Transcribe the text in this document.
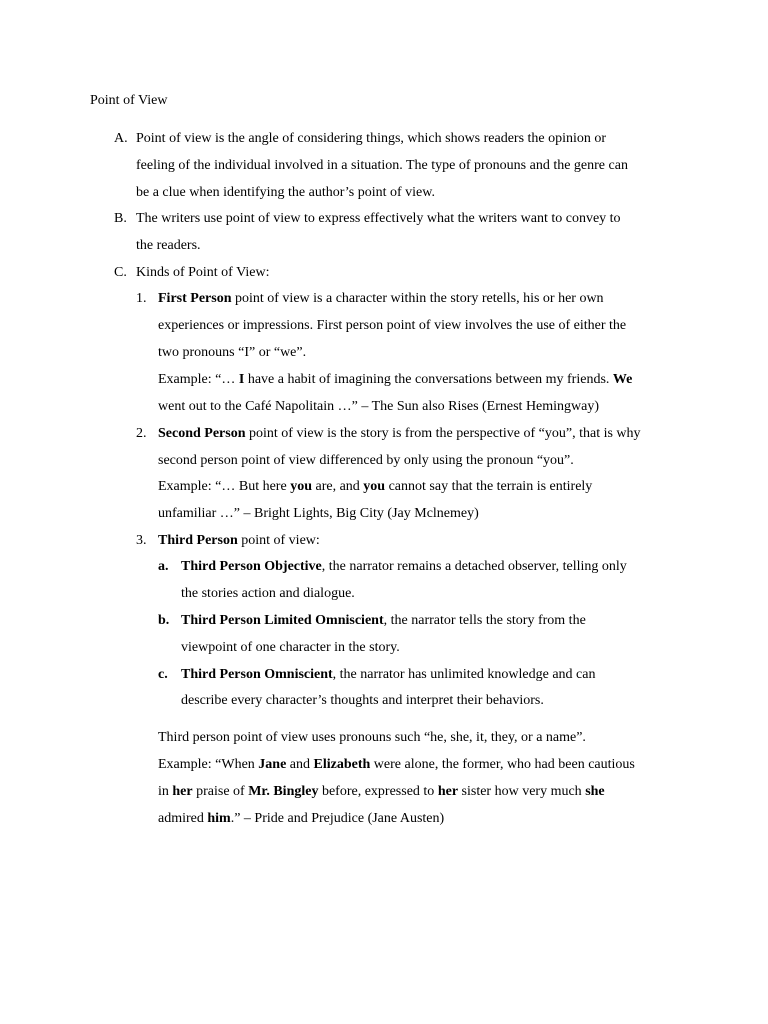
Point of View
A. Point of view is the angle of considering things, which shows readers the opinion or
feeling of the individual involved in a situation. The type of pronouns and the genre can
be a clue when identifying the author’s point of view.
B. The writers use point of view to express effectively what the writers want to convey to
the readers.
C. Kinds of Point of View:
1. First Person point of view is a character within the story retells, his or her own
experiences or impressions. First person point of view involves the use of either the
two pronouns “I” or “we”.
Example: “… I have a habit of imagining the conversations between my friends. We
went out to the Café Napolitain …” – The Sun also Rises (Ernest Hemingway)
2. Second Person point of view is the story is from the perspective of “you”, that is why
second person point of view differenced by only using the pronoun “you”.
Example: “… But here you are, and you cannot say that the terrain is entirely
unfamiliar …” – Bright Lights, Big City (Jay Mclnemey)
3. Third Person point of view:
a. Third Person Objective, the narrator remains a detached observer, telling only
the stories action and dialogue.
b. Third Person Limited Omniscient, the narrator tells the story from the
viewpoint of one character in the story.
c. Third Person Omniscient, the narrator has unlimited knowledge and can
describe every character’s thoughts and interpret their behaviors.
Third person point of view uses pronouns such “he, she, it, they, or a name”.
Example: “When Jane and Elizabeth were alone, the former, who had been cautious
in her praise of Mr. Bingley before, expressed to her sister how very much she
admired him.” – Pride and Prejudice (Jane Austen)
